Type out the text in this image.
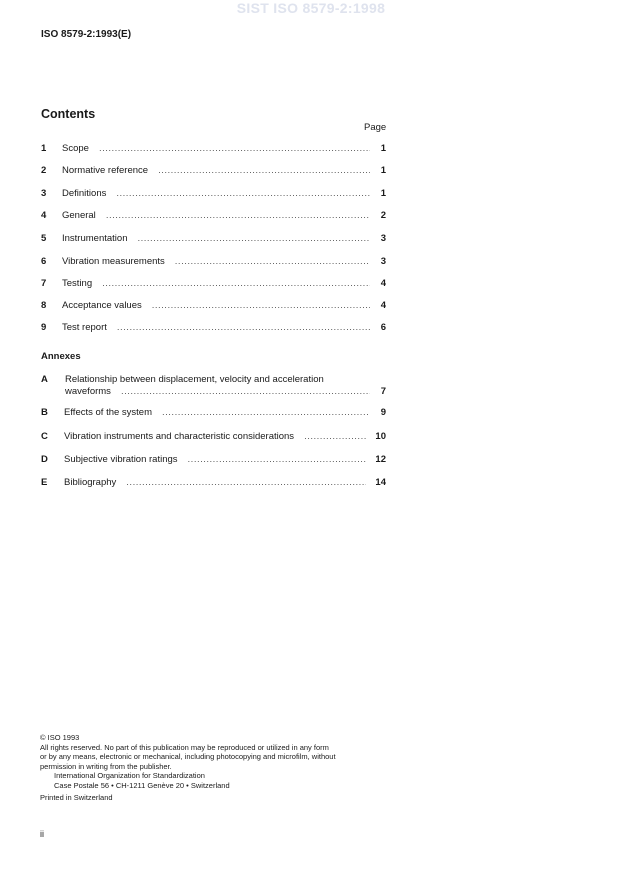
SIST ISO 8579-2:1998
ISO 8579-2:1993(E)
Contents
Page
1	Scope .....	1
2	Normative reference .....	1
3	Definitions .....	1
4	General .....	2
5	Instrumentation .....	3
6	Vibration measurements .....	3
7	Testing .....	4
8	Acceptance values .....	4
9	Test report .....	6
Annexes
A	Relationship between displacement, velocity and acceleration
waveforms .....	7
B	Effects of the system .....	9
C	Vibration instruments and characteristic considerations .....	10
D	Subjective vibration ratings .....	12
E	Bibliography .....	14
© ISO 1993
All rights reserved. No part of this publication may be reproduced or utilized in any form
or by any means, electronic or mechanical, including photocopying and microfilm, without
permission in writing from the publisher.
International Organization for Standardization
Case Postale 56 • CH-1211 Genève 20 • Switzerland
Printed in Switzerland
ii
